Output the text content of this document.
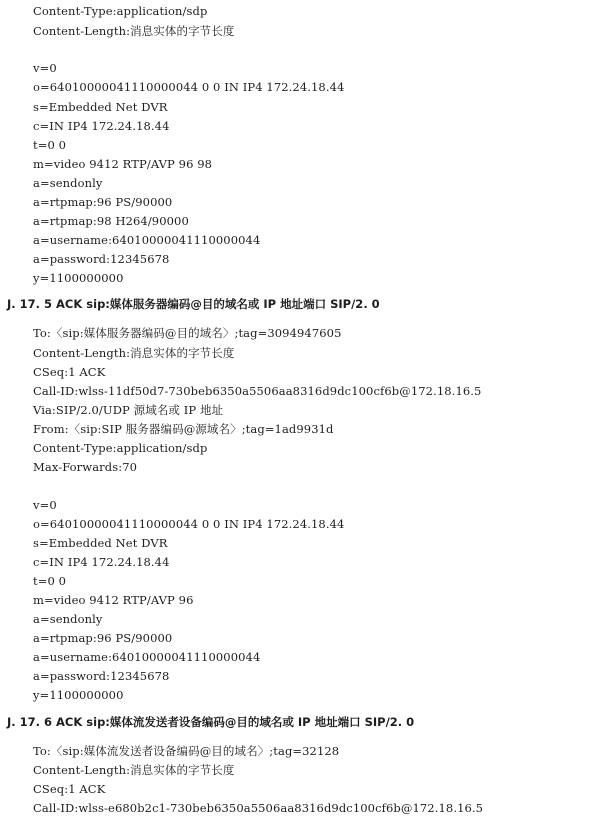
Content-Type:application/sdp
Content-Length:消息实体的字节长度
v=0
o=64010000041110000044 0 0 IN IP4 172.24.18.44
s=Embedded Net DVR
c=IN IP4 172.24.18.44
t=0 0
m=video 9412 RTP/AVP 96 98
a=sendonly
a=rtpmap:96 PS/90000
a=rtpmap:98 H264/90000
a=username:64010000041110000044
a=password:12345678
y=1100000000
J. 17. 5 ACK sip:媒体服务器编码@目的域名或 IP 地址端口 SIP/2. 0
To:〈sip:媒体服务器编码@目的域名〉;tag=3094947605
Content-Length:消息实体的字节长度
CSeq:1 ACK
Call-ID:wlss-11df50d7-730beb6350a5506aa8316d9dc100cf6b@172.18.16.5
Via:SIP/2.0/UDP 源域名或 IP 地址
From:〈sip:SIP 服务器编码@源域名〉;tag=1ad9931d
Content-Type:application/sdp
Max-Forwards:70
v=0
o=64010000041110000044 0 0 IN IP4 172.24.18.44
s=Embedded Net DVR
c=IN IP4 172.24.18.44
t=0 0
m=video 9412 RTP/AVP 96
a=sendonly
a=rtpmap:96 PS/90000
a=username:64010000041110000044
a=password:12345678
y=1100000000
J. 17. 6 ACK sip:媒体流发送者设备编码@目的域名或 IP 地址端口 SIP/2. 0
To:〈sip:媒体流发送者设备编码@目的域名〉;tag=32128
Content-Length:消息实体的字节长度
CSeq:1 ACK
Call-ID:wlss-e680b2c1-730beb6350a5506aa8316d9dc100cf6b@172.18.16.5
